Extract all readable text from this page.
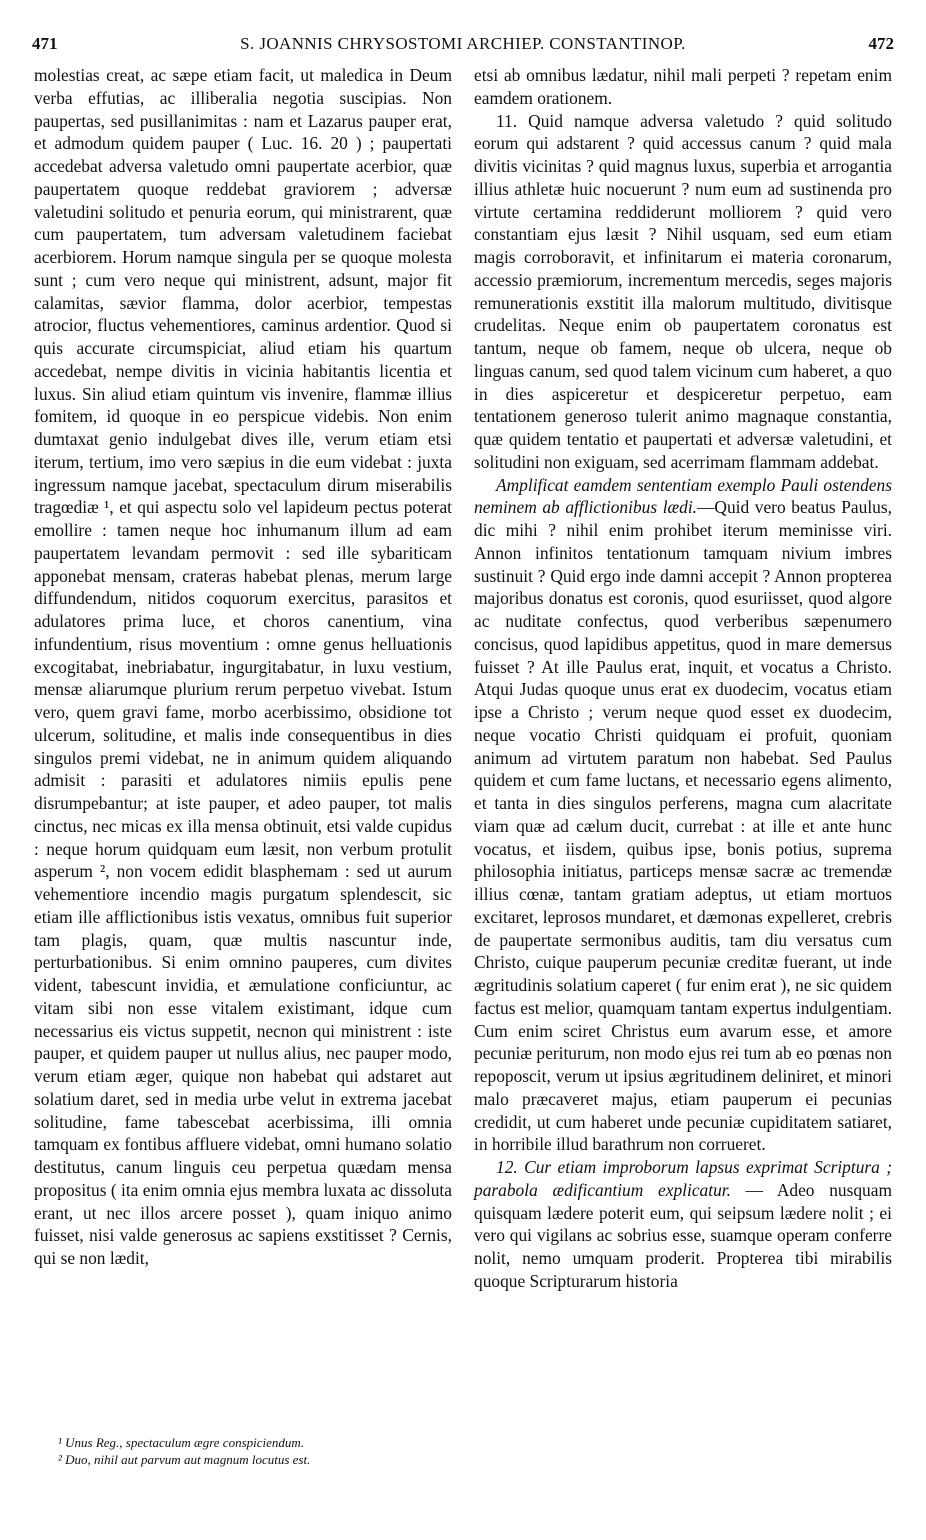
471	S. JOANNIS CHRYSOSTOMI ARCHIEP. CONSTANTINOP.	472

molestias creat, ac sæpe etiam facit, ut maledica in Deum verba effutias, ac illiberalia negotia suscipias. Non paupertas, sed pusillanimitas : nam et Lazarus pauper erat, et admodum quidem pauper ( Luc. 16. 20 ) ; paupertati accedebat adversa valetudo omni paupertate acerbior, quæ paupertatem quoque reddebat graviorem ; adversæ valetudini solitudo et penuria eorum, qui ministrarent, quæ cum paupertatem, tum adversam valetudinem faciebat acerbiorem. Horum namque singula per se quoque molesta sunt ; cum vero neque qui ministrent, adsunt, major fit calamitas, sævior flamma, dolor acerbior, tempestas atrocior, fluctus vehementiores, caminus ardentior. Quod si quis accurate circumspiciat, aliud etiam his quartum accedebat, nempe divitis in vicinia habitantis licentia et luxus. Sin aliud etiam quintum vis invenire, flammæ illius fomitem, id quoque in eo perspicue videbis. Non enim dumtaxat genio indulgebat dives ille, verum etiam etsi iterum, tertium, imo vero sæpius in die eum videbat : juxta ingressum namque jacebat, spectaculum dirum miserabilis tragœdiæ ¹, et qui aspectu solo vel lapideum pectus poterat emollire : tamen neque hoc inhumanum illum ad eam paupertatem levandam permovit : sed ille sybariticam apponebat mensam, crateras habebat plenas, merum large diffundendum, nitidos coquorum exercitus, parasitos et adulatores prima luce, et choros canentium, vina infundentium, risus moventium : omne genus helluationis excogitabat, inebriabatur, ingurgitabatur, in luxu vestium, mensæ aliarumque plurium rerum perpetuo vivebat. Istum vero, quem gravi fame, morbo acerbissimo, obsidione tot ulcerum, solitudine, et malis inde consequentibus in dies singulos premi videbat, ne in animum quidem aliquando admisit : parasiti et adulatores nimiis epulis pene disrumpebantur; at iste pauper, et adeo pauper, tot malis cinctus, nec micas ex illa mensa obtinuit, etsi valde cupidus : neque horum quidquam eum læsit, non verbum protulit asperum ², non vocem edidit blasphemam : sed ut aurum vehementiore incendio magis purgatum splendescit, sic etiam ille afflictionibus istis vexatus, omnibus fuit superior tam plagis, quam, quæ multis nascuntur inde, perturbationibus. Si enim omnino pauperes, cum divites vident, tabescunt invidia, et æmulatione conficiuntur, ac vitam sibi non esse vitalem existimant, idque cum necessarius eis victus suppetit, necnon qui ministrent : iste pauper, et quidem pauper ut nullus alius, nec pauper modo, verum etiam æger, quique non habebat qui adstaret aut solatium daret, sed in media urbe velut in extrema jacebat solitudine, fame tabescebat acerbissima, illi omnia tamquam ex fontibus affluere videbat, omni humano solatio destitutus, canum linguis ceu perpetua quædam mensa propositus ( ita enim omnia ejus membra luxata ac dissoluta erant, ut nec illos arcere posset ), quam iniquo animo fuisset, nisi valde generosus ac sapiens exstitisset ? Cernis, qui se non lædit,

¹ Unus Reg., spectaculum ægre conspiciendum.

² Duo, nihil aut parvum aut magnum locutus est.

etsi ab omnibus lædatur, nihil mali perpeti ? repetam enim eamdem orationem.

11. Quid namque adversa valetudo ? quid solitudo eorum qui adstarent ? quid accessus canum ? quid mala divitis vicinitas ? quid magnus luxus, superbia et arrogantia illius athletæ huic nocuerunt ? num eum ad sustinenda pro virtute certamina reddiderunt molliorem ? quid vero constantiam ejus læsit ? Nihil usquam, sed eum etiam magis corroboravit, et infinitarum ei materia coronarum, accessio præmiorum, incrementum mercedis, seges majoris remunerationis exstitit illa malorum multitudo, divitisque crudelitas. Neque enim ob paupertatem coronatus est tantum, neque ob famem, neque ob ulcera, neque ob linguas canum, sed quod talem vicinum cum haberet, a quo in dies aspiceretur et despiceretur perpetuo, eam tentationem generoso tulerit animo magnaque constantia, quæ quidem tentatio et paupertati et adversæ valetudini, et solitudini non exiguam, sed acerrimam flammam addebat.

Amplificat eamdem sententiam exemplo Pauli ostendens neminem ab afflictionibus lædi.—Quid vero beatus Paulus, dic mihi ? nihil enim prohibet iterum meminisse viri. Annon infinitos tentationum tamquam nivium imbres sustinuit ? Quid ergo inde damni accepit ? Annon propterea majoribus donatus est coronis, quod esuriisset, quod algore ac nuditate confectus, quod verberibus sæpenumero concisus, quod lapidibus appetitus, quod in mare demersus fuisset ? At ille Paulus erat, inquit, et vocatus a Christo. Atqui Judas quoque unus erat ex duodecim, vocatus etiam ipse a Christo ; verum neque quod esset ex duodecim, neque vocatio Christi quidquam ei profuit, quoniam animum ad virtutem paratum non habebat. Sed Paulus quidem et cum fame luctans, et necessario egens alimento, et tanta in dies singulos perferens, magna cum alacritate viam quæ ad cælum ducit, currebat : at ille et ante hunc vocatus, et iisdem, quibus ipse, bonis potius, suprema philosophia initiatus, particeps mensæ sacræ ac tremendæ illius cœnæ, tantam gratiam adeptus, ut etiam mortuos excitaret, leprosos mundaret, et dæmonas expelleret, crebris de paupertate sermonibus auditis, tam diu versatus cum Christo, cuique pauperum pecuniæ creditæ fuerant, ut inde ægritudinis solatium caperet ( fur enim erat ), ne sic quidem factus est melior, quamquam tantam expertus indulgentiam. Cum enim sciret Christus eum avarum esse, et amore pecuniæ periturum, non modo ejus rei tum ab eo pœnas non repoposcit, verum ut ipsius ægritudinem deliniret, et minori malo præcaveret majus, etiam pauperum ei pecunias credidit, ut cum haberet unde pecuniæ cupiditatem satiaret, in horribile illud barathrum non corrueret.

12. Cur etiam improborum lapsus exprimat Scriptura ; parabola ædificantium explicatur. — Adeo nusquam quisquam lædere poterit eum, qui seipsum lædere nolit ; ei vero qui vigilans ac sobrius esse, suamque operam conferre nolit, nemo umquam proderit. Propterea tibi mirabilis quoque Scripturarum historia
